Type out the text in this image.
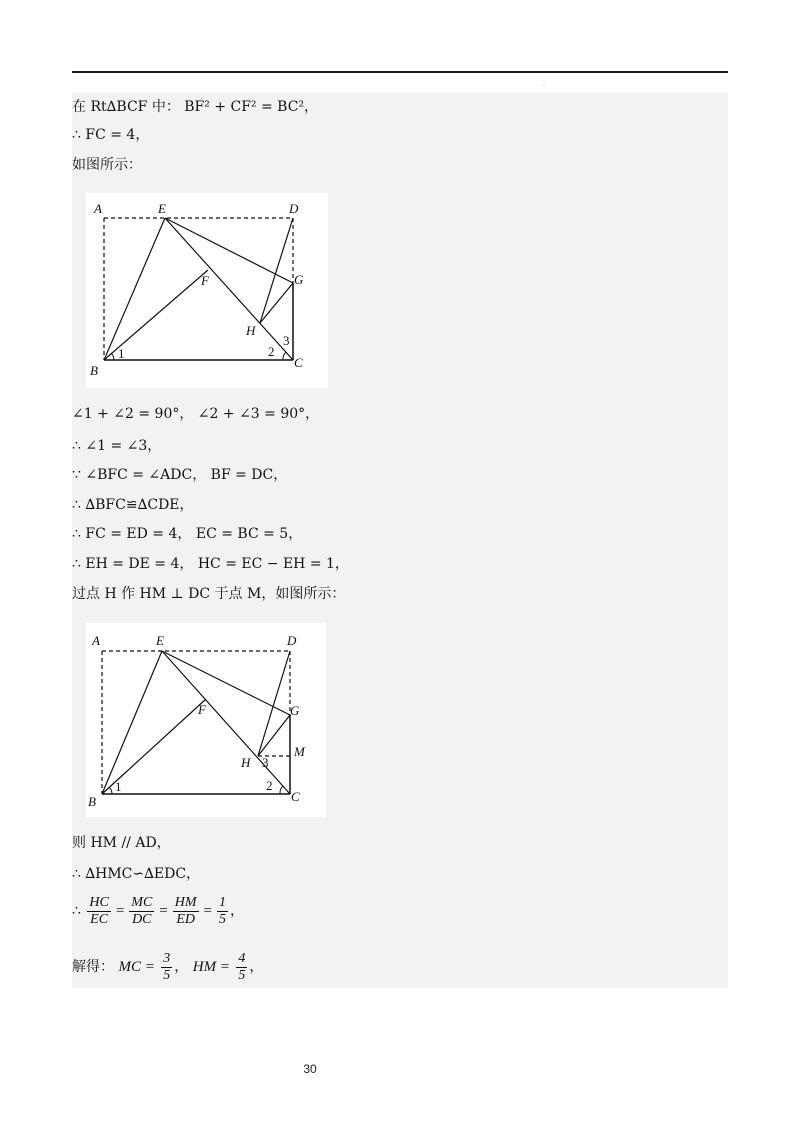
·
在 Rt∆BCF 中： BF² + CF² = BC²，
∴ FC = 4，
如图所示：
A	E	D
F	G
H
B
C
1	2
3
∠1 + ∠2 = 90°， ∠2 + ∠3 = 90°，
∴ ∠1 = ∠3，
∵ ∠BFC = ∠ADC， BF = DC，
∴ ∆BFC≌∆CDE，
∴ FC = ED = 4， EC = BC = 5，
∴ EH = DE = 4， HC = EC − EH = 1，
过点 H 作 HM ⊥ DC 于点 M，如图所示：
A	E	D
F	G
M
H
B	C
1	2
3
则 HM // AD，
∴ ∆HMC∽∆EDC，
∴ $\frac{HC}{EC} = \frac{MC}{DC} = \frac{HM}{ED} = \frac{1}{5}$ ，
解得： MC = $\frac{3}{5}$ ， HM = $\frac{4}{5}$ ，
30
